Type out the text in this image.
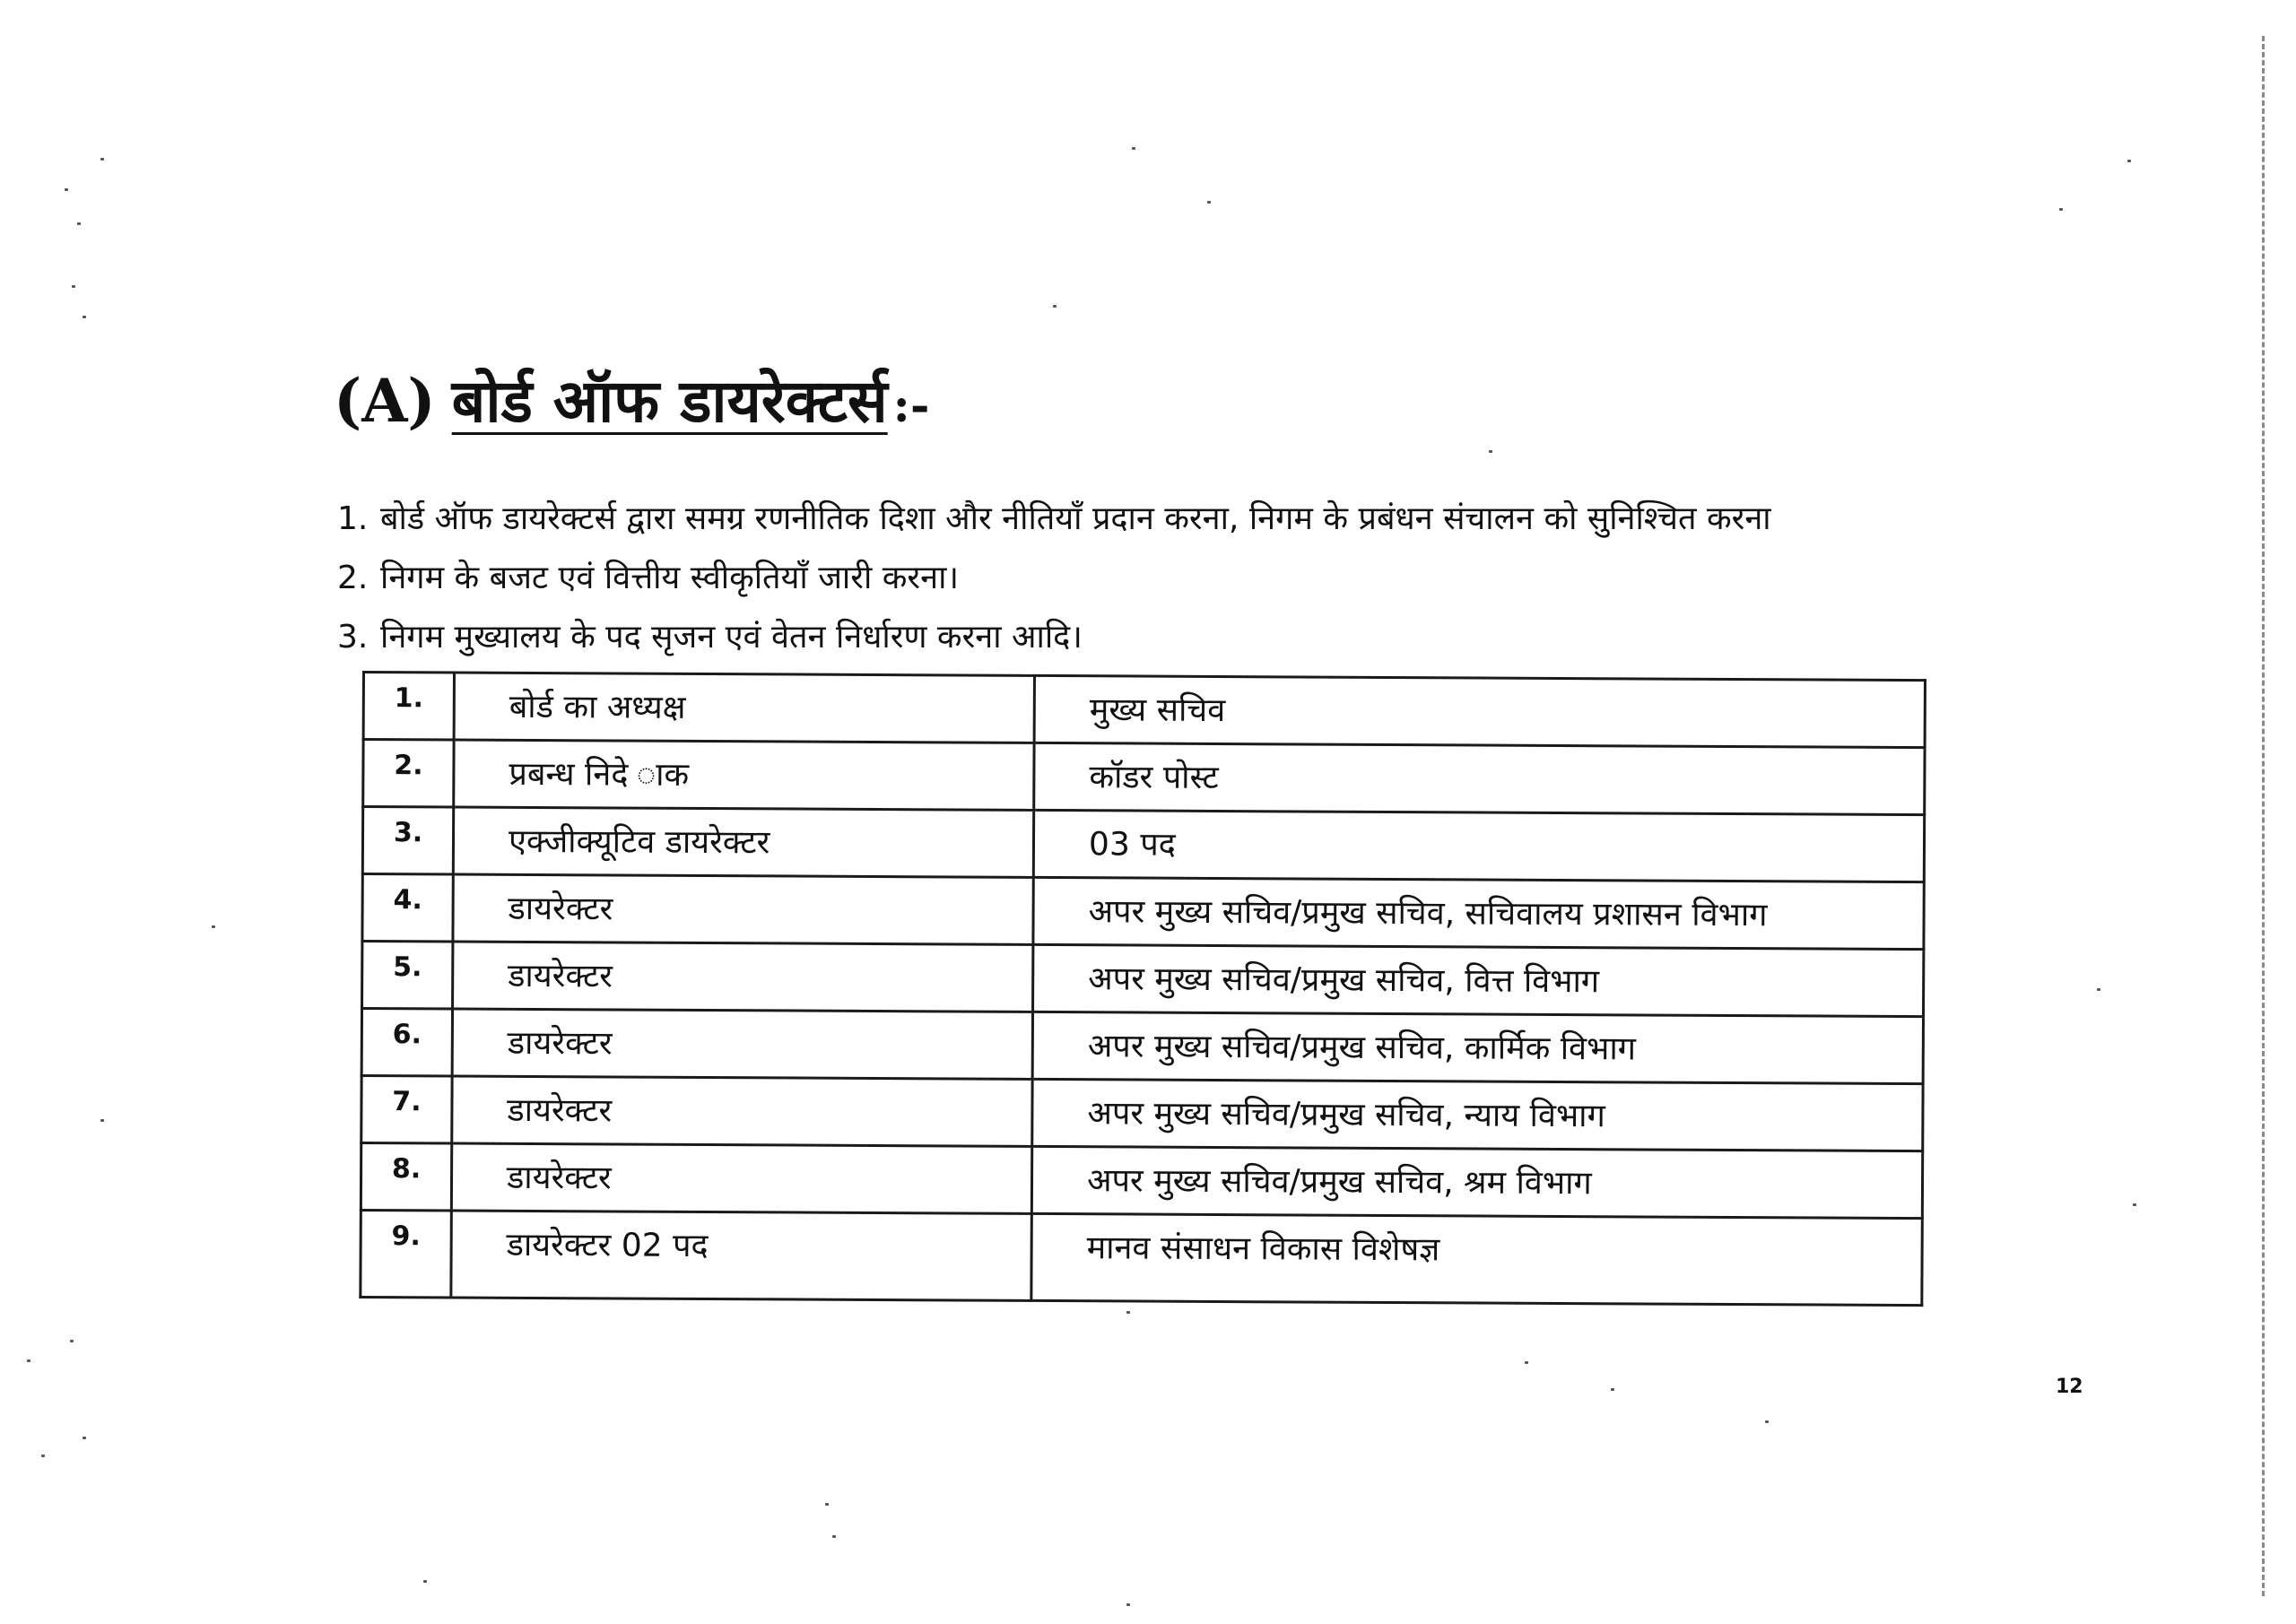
(A) बोर्ड ऑफ डायरेक्टर्स :-
1. बोर्ड ऑफ डायरेक्टर्स द्वारा समग्र रणनीतिक दिशा और नीतियाँ प्रदान करना, निगम के प्रबंधन संचालन को सुनिश्चित करना
2. निगम के बजट एवं वित्तीय स्वीकृतियाँ जारी करना।
3. निगम मुख्यालय के पद सृजन एवं वेतन निर्धारण करना आदि।
1.	बोर्ड का अध्यक्ष	मुख्य सचिव
2.	प्रबन्ध निदे ाक	कॉडर पोस्ट
3.	एक्जीक्यूटिव डायरेक्टर	03 पद
4.	डायरेक्टर	अपर मुख्य सचिव/प्रमुख सचिव, सचिवालय प्रशासन विभाग
5.	डायरेक्टर	अपर मुख्य सचिव/प्रमुख सचिव, वित्त विभाग
6.	डायरेक्टर	अपर मुख्य सचिव/प्रमुख सचिव, कार्मिक विभाग
7.	डायरेक्टर	अपर मुख्य सचिव/प्रमुख सचिव, न्याय विभाग
8.	डायरेक्टर	अपर मुख्य सचिव/प्रमुख सचिव, श्रम विभाग
9.	डायरेक्टर 02 पद	मानव संसाधन विकास विशेषज्ञ
12
